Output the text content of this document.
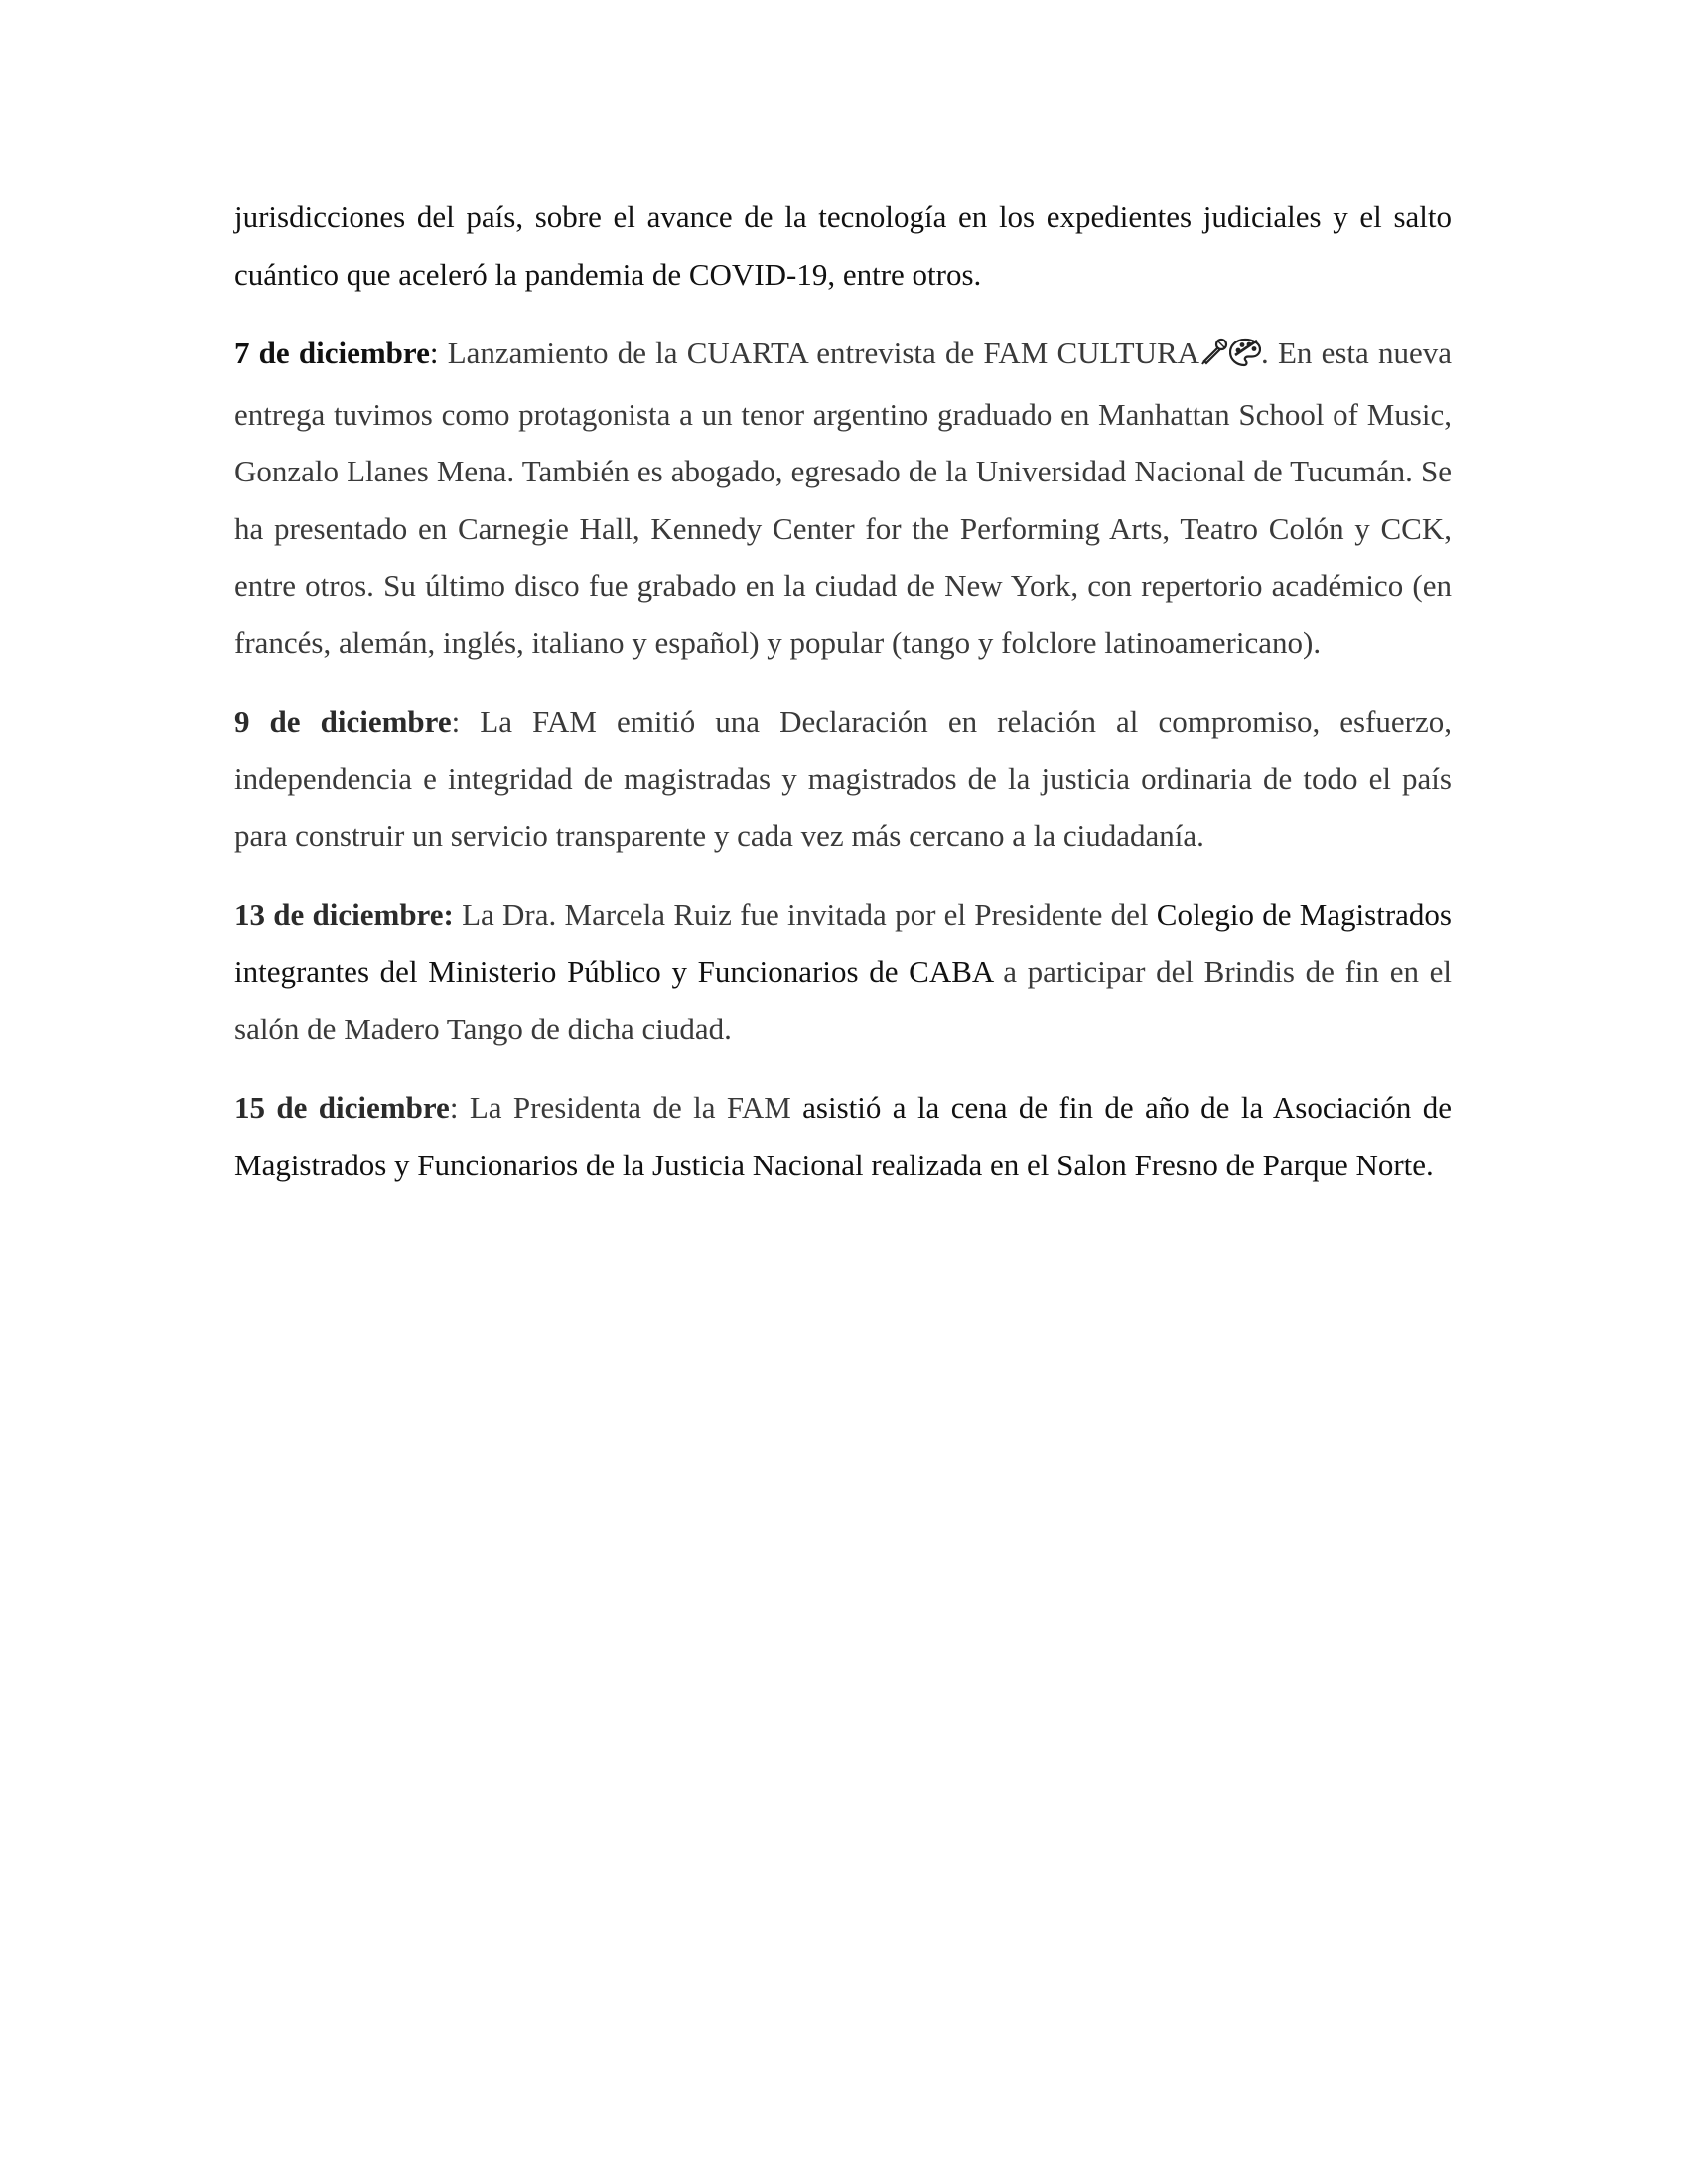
jurisdicciones del país, sobre el avance de la tecnología en los expedientes judiciales y el salto cuántico que aceleró la pandemia de COVID-19, entre otros.

7 de diciembre: Lanzamiento de la CUARTA entrevista de FAM CULTURA . En esta nueva entrega tuvimos como protagonista a un tenor argentino graduado en Manhattan School of Music, Gonzalo Llanes Mena. También es abogado, egresado de la Universidad Nacional de Tucumán. Se ha presentado en Carnegie Hall, Kennedy Center for the Performing Arts, Teatro Colón y CCK, entre otros. Su último disco fue grabado en la ciudad de New York, con repertorio académico (en francés, alemán, inglés, italiano y español) y popular (tango y folclore latinoamericano).

9 de diciembre: La FAM emitió una Declaración en relación al compromiso, esfuerzo, independencia e integridad de magistradas y magistrados de la justicia ordinaria de todo el país para construir un servicio transparente y cada vez más cercano a la ciudadanía.

13 de diciembre: La Dra. Marcela Ruiz fue invitada por el Presidente del Colegio de Magistrados integrantes del Ministerio Público y Funcionarios de CABA a participar del Brindis de fin en el salón de Madero Tango de dicha ciudad.

15 de diciembre: La Presidenta de la FAM asistió a la cena de fin de año de la Asociación de Magistrados y Funcionarios de la Justicia Nacional realizada en el Salon Fresno de Parque Norte.
